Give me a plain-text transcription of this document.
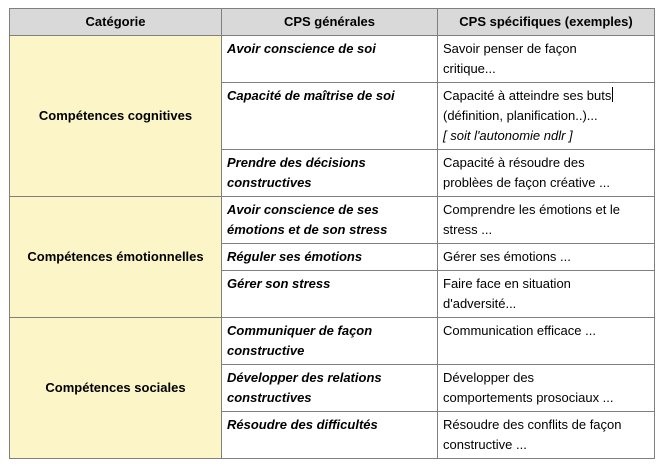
Catégorie	CPS générales	CPS spécifiques (exemples)
Compétences cognitives	Avoir conscience de soi	Savoir penser de façon
critique...

	Capacité de maîtrise de soi	Capacité à atteindre ses buts
(définition, planification..)...
[ soit l'autonomie ndlr ]

	Prendre des décisions
constructives	Capacité à résoudre des
problèes de façon créative ...

Compétences émotionnelles	Avoir conscience de ses
émotions et de son stress	Comprendre les émotions et le
stress ...

	Réguler ses émotions	Gérer ses émotions ...

	Gérer son stress	Faire face en situation
d'adversité...

Compétences sociales	Communiquer de façon
constructive	Communication efficace ...

	Développer des relations
constructives	Développer des
comportements prosociaux ...

	Résoudre des difficultés	Résoudre des conflits de façon
constructive ...
